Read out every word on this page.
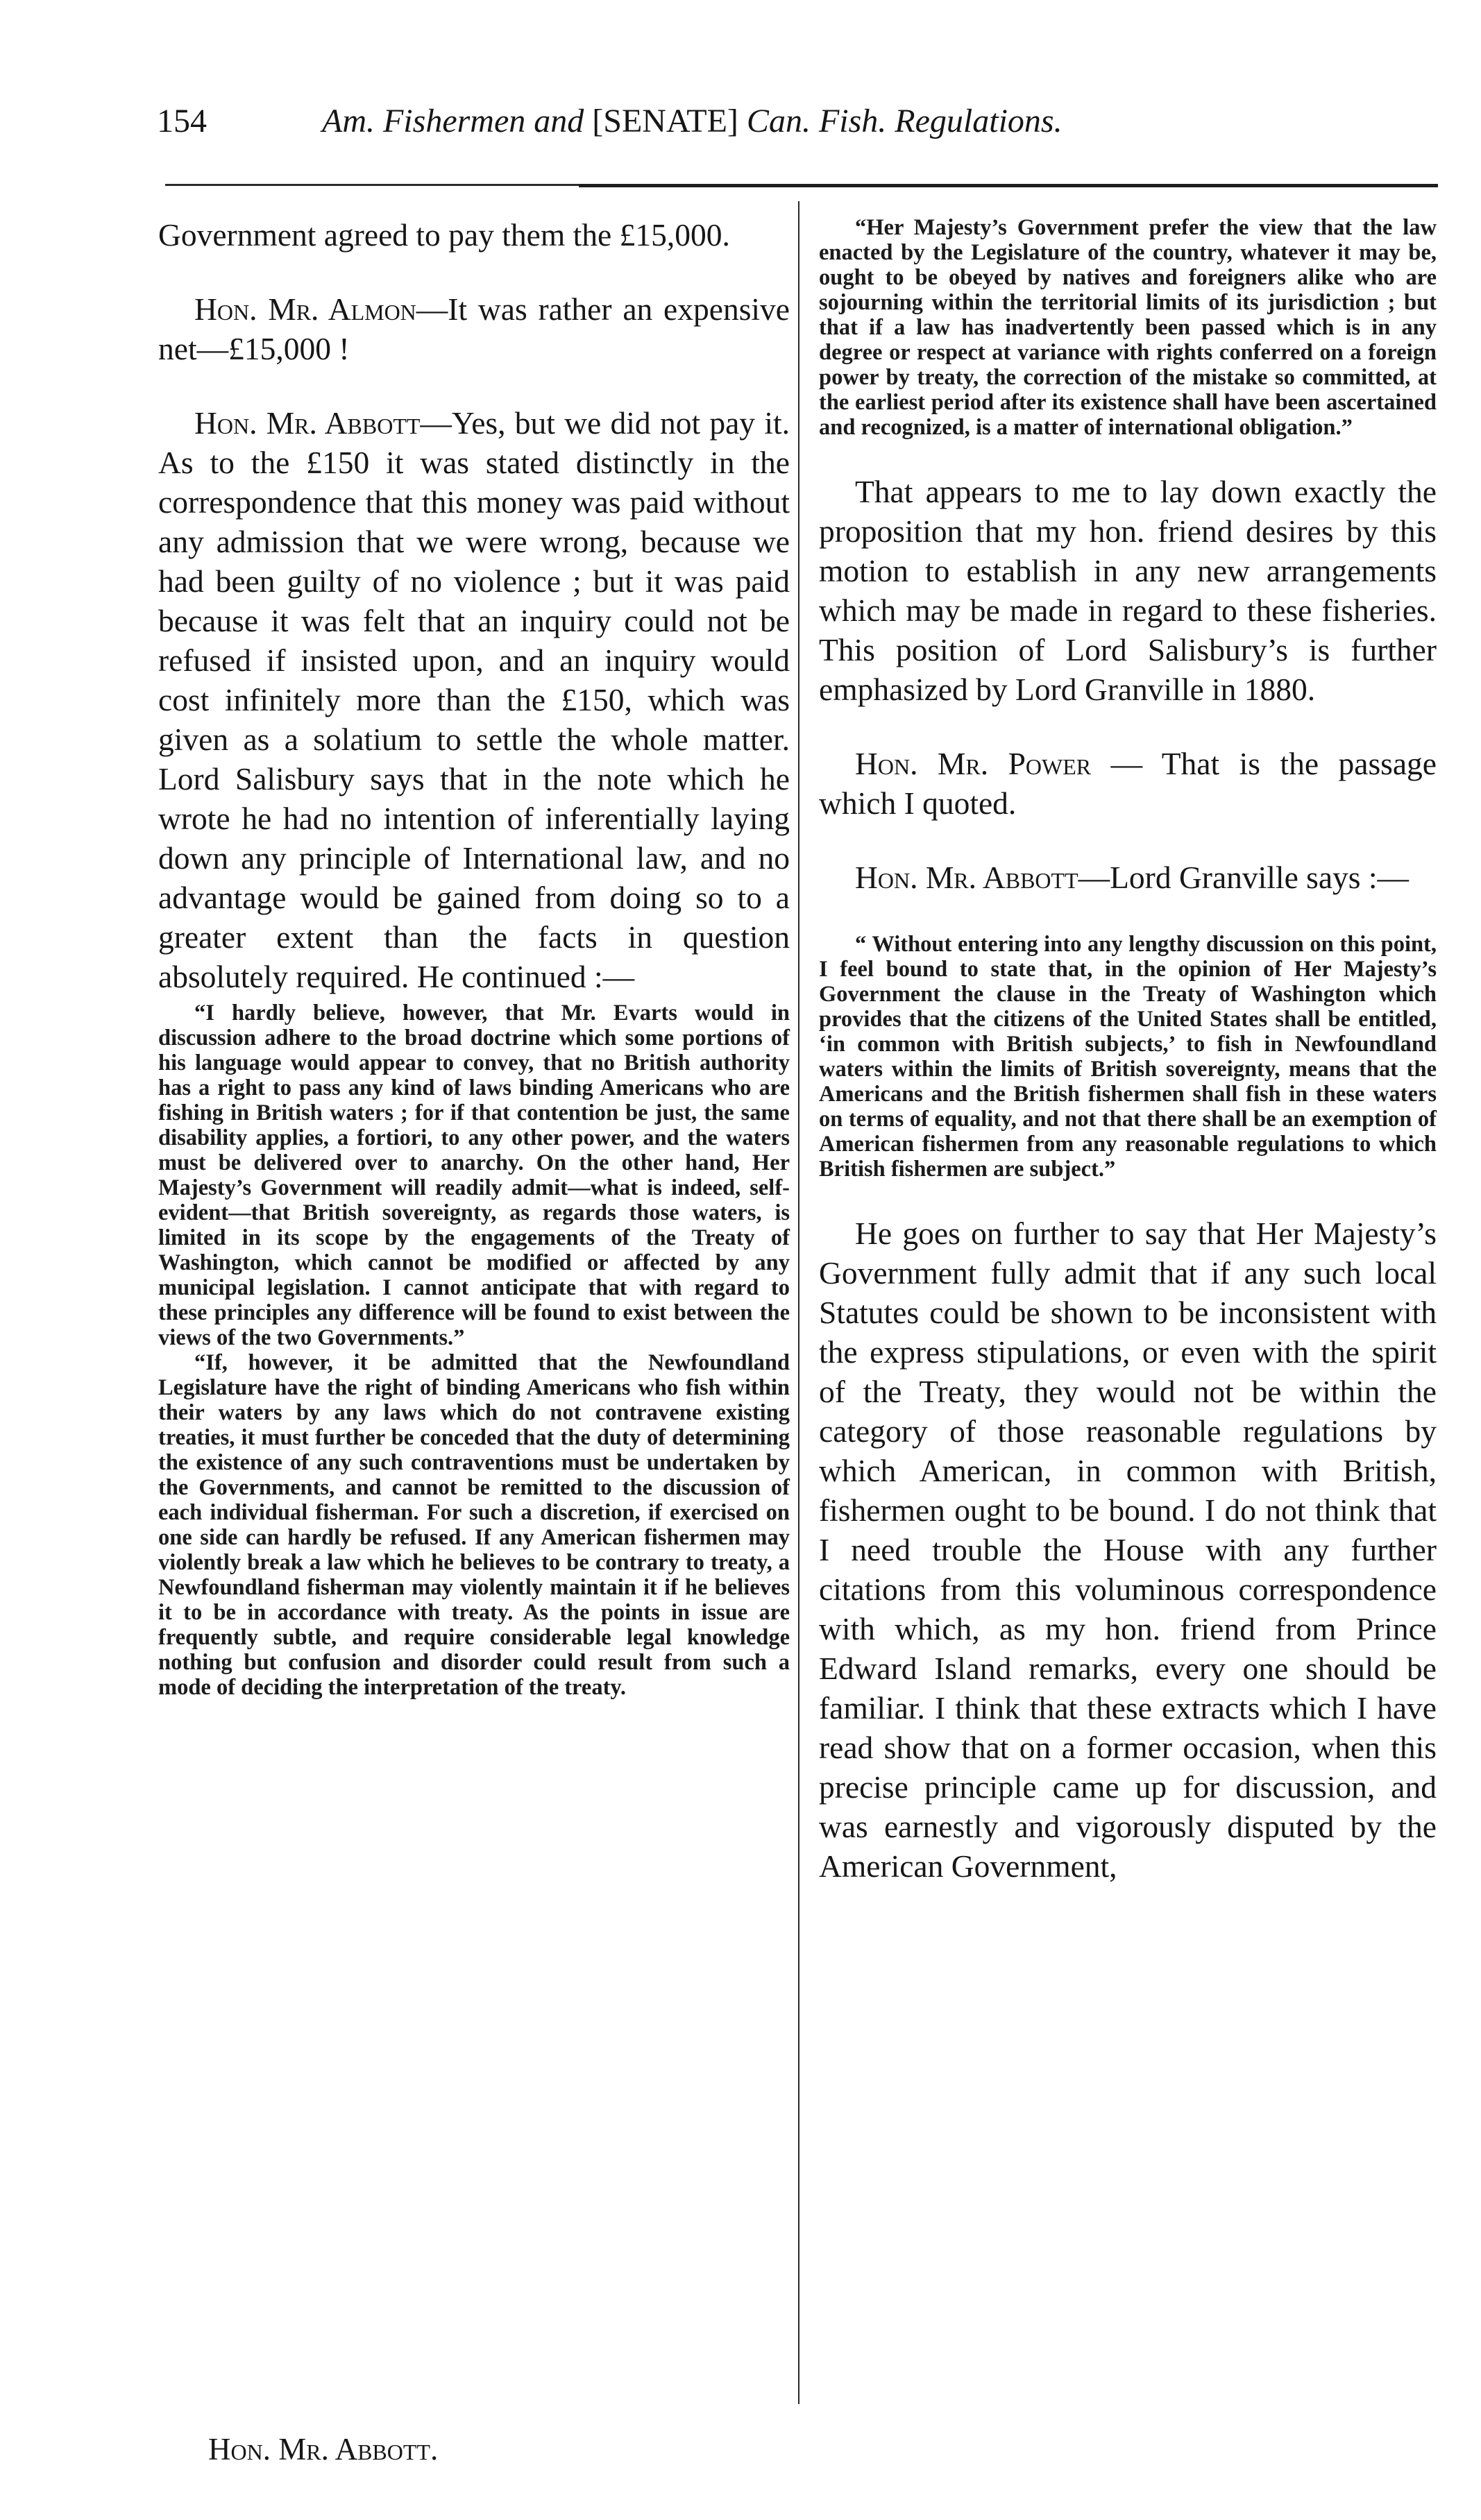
154	Am. Fishermen and [SENATE] Can. Fish. Regulations.

Government agreed to pay them the £15,000.

Hon. Mr. Almon—It was rather an expensive net—£15,000 !

Hon. Mr. Abbott—Yes, but we did not pay it. As to the £150 it was stated distinctly in the correspondence that this money was paid without any admission that we were wrong, because we had been guilty of no violence ; but it was paid because it was felt that an inquiry could not be refused if insisted upon, and an inquiry would cost infinitely more than the £150, which was given as a solatium to settle the whole matter. Lord Salisbury says that in the note which he wrote he had no intention of inferentially laying down any principle of International law, and no advantage would be gained from doing so to a greater extent than the facts in question absolutely required. He continued :—

“I hardly believe, however, that Mr. Evarts would in discussion adhere to the broad doctrine which some portions of his language would appear to convey, that no British authority has a right to pass any kind of laws binding Americans who are fishing in British waters ; for if that contention be just, the same disability applies, a fortiori, to any other power, and the waters must be delivered over to anarchy. On the other hand, Her Majesty’s Government will readily admit—what is indeed, self-evident—that British sovereignty, as regards those waters, is limited in its scope by the engagements of the Treaty of Washington, which cannot be modified or affected by any municipal legislation. I cannot anticipate that with regard to these principles any difference will be found to exist between the views of the two Governments.”

“If, however, it be admitted that the Newfoundland Legislature have the right of binding Americans who fish within their waters by any laws which do not contravene existing treaties, it must further be conceded that the duty of determining the existence of any such contraventions must be undertaken by the Governments, and cannot be remitted to the discussion of each individual fisherman. For such a discretion, if exercised on one side can hardly be refused. If any American fishermen may violently break a law which he believes to be contrary to treaty, a Newfoundland fisherman may violently maintain it if he believes it to be in accordance with treaty. As the points in issue are frequently subtle, and require considerable legal knowledge nothing but confusion and disorder could result from such a mode of deciding the interpretation of the treaty.

“Her Majesty’s Government prefer the view that the law enacted by the Legislature of the country, whatever it may be, ought to be obeyed by natives and foreigners alike who are sojourning within the territorial limits of its jurisdiction ; but that if a law has inadvertently been passed which is in any degree or respect at variance with rights conferred on a foreign power by treaty, the correction of the mistake so committed, at the earliest period after its existence shall have been ascertained and recognized, is a matter of international obligation.”

That appears to me to lay down exactly the proposition that my hon. friend desires by this motion to establish in any new arrangements which may be made in regard to these fisheries. This position of Lord Salisbury’s is further emphasized by Lord Granville in 1880.

Hon. Mr. Power — That is the passage which I quoted.

Hon. Mr. Abbott—Lord Granville says :—

“ Without entering into any lengthy discussion on this point, I feel bound to state that, in the opinion of Her Majesty’s Government the clause in the Treaty of Washington which provides that the citizens of the United States shall be entitled, ‘in common with British subjects,’ to fish in Newfoundland waters within the limits of British sovereignty, means that the Americans and the British fishermen shall fish in these waters on terms of equality, and not that there shall be an exemption of American fishermen from any reasonable regulations to which British fishermen are subject.”

He goes on further to say that Her Majesty’s Government fully admit that if any such local Statutes could be shown to be inconsistent with the express stipulations, or even with the spirit of the Treaty, they would not be within the category of those reasonable regulations by which American, in common with British, fishermen ought to be bound. I do not think that I need trouble the House with any further citations from this voluminous correspondence with which, as my hon. friend from Prince Edward Island remarks, every one should be familiar. I think that these extracts which I have read show that on a former occasion, when this precise principle came up for discussion, and was earnestly and vigorously disputed by the American Government,

Hon. Mr. Abbott.
